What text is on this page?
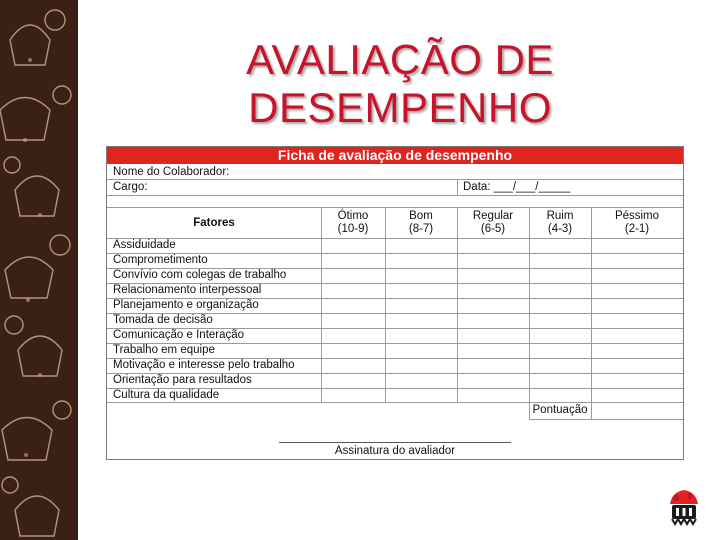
AVALIAÇÃO DE
DESEMPENHO
Ficha de avaliação de desempenho
Nome do Colaborador:
Cargo:	Data: ___/___/_____
Fatores
Ótimo
(10-9)
Bom
(8-7)
Regular
(6-5)
Ruim
(4-3)
Péssimo
(2-1)
Assiduidade
Comprometimento
Convívio com colegas de trabalho
Relacionamento interpessoal
Planejamento e organização
Tomada de decisão
Comunicação e Interação
Trabalho em equipe
Motivação e interesse pelo trabalho
Orientação para resultados
Cultura da qualidade
Pontuação
Assinatura do avaliador
